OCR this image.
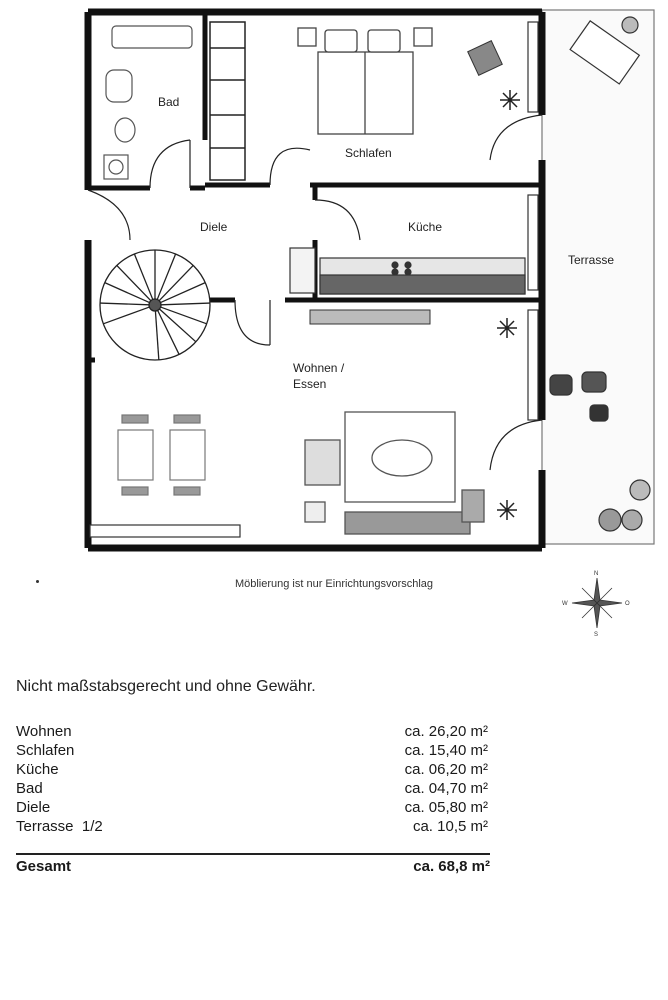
Bad
Schlafen
Diele	Küche
Wohnen /
Essen
Terrasse
Möblierung ist nur Einrichtungsvorschlag
N
S
W	O
Nicht maßstabsgerecht und ohne Gewähr.
Wohnen	ca. 26,20 m²
Schlafen	ca. 15,40 m²
Küche	ca. 06,20 m²
Bad	ca. 04,70 m²
Diele	ca. 05,80 m²
Terrasse  1/2	ca. 10,5 m²
Gesamt	ca. 68,8 m²
